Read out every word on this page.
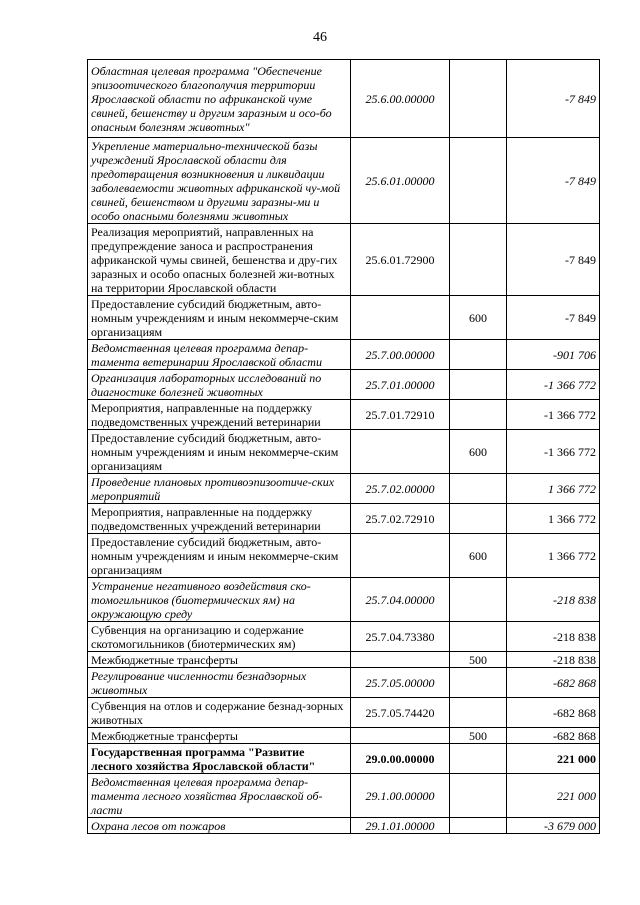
46
Областная целевая программа "Обеспечение эпизоотического благополучия территории Ярославской области по африканской чуме свиней, бешенству и другим заразным и осо-бо опасным болезням животных"	25.6.00.00000		-7 849
Укрепление материально-технической базы учреждений Ярославской области для предотвращения возникновения и ликвидации заболеваемости животных африканской чу-мой свиней, бешенством и другими заразны-ми и особо опасными болезнями животных	25.6.01.00000		-7 849
Реализация мероприятий, направленных на предупреждение заноса и распространения африканской чумы свиней, бешенства и дру-гих заразных и особо опасных болезней жи-вотных на территории Ярославской области	25.6.01.72900		-7 849
Предоставление субсидий бюджетным, авто-номным учреждениям и иным некоммерче-ским организациям		600	-7 849
Ведомственная целевая программа депар-тамента ветеринарии Ярославской области	25.7.00.00000		-901 706
Организация лабораторных исследований по диагностике болезней животных	25.7.01.00000		-1 366 772
Мероприятия, направленные на поддержку подведомственных учреждений ветеринарии	25.7.01.72910		-1 366 772
Предоставление субсидий бюджетным, авто-номным учреждениям и иным некоммерче-ским организациям		600	-1 366 772
Проведение плановых противоэпизоотиче-ских мероприятий	25.7.02.00000		1 366 772
Мероприятия, направленные на поддержку подведомственных учреждений ветеринарии	25.7.02.72910		1 366 772
Предоставление субсидий бюджетным, авто-номным учреждениям и иным некоммерче-ским организациям		600	1 366 772
Устранение негативного воздействия ско-томогильников (биотермических ям) на окружающую среду	25.7.04.00000		-218 838
Субвенция на организацию и содержание скотомогильников (биотермических ям)	25.7.04.73380		-218 838
Межбюджетные трансферты		500	-218 838
Регулирование численности безнадзорных животных	25.7.05.00000		-682 868
Субвенция на отлов и содержание безнад-зорных животных	25.7.05.74420		-682 868
Межбюджетные трансферты		500	-682 868
Государственная программа "Развитие лесного хозяйства Ярославской области"	29.0.00.00000		221 000
Ведомственная целевая программа депар-тамента лесного хозяйства Ярославской об-ласти	29.1.00.00000		221 000
Охрана лесов от пожаров	29.1.01.00000		-3 679 000
